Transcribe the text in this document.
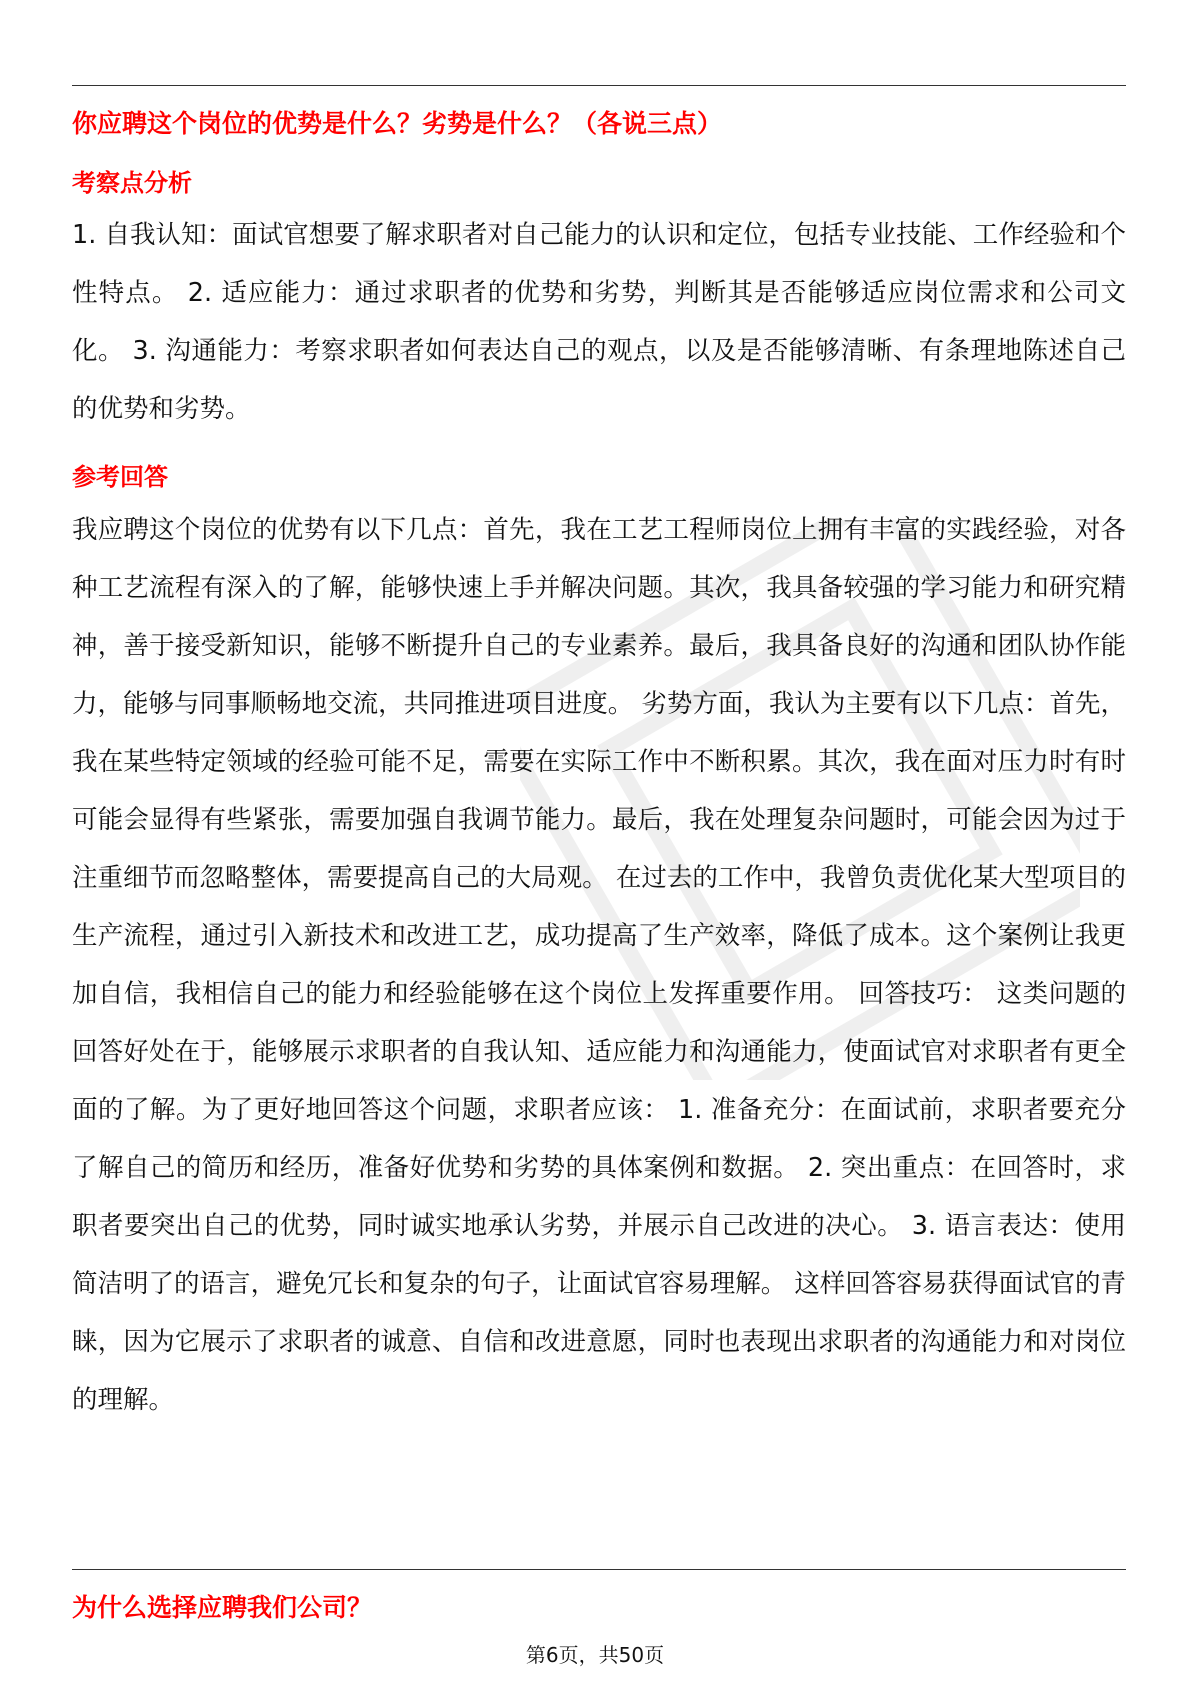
你应聘这个岗位的优势是什么？劣势是什么？（各说三点）
考察点分析
1. 自我认知：面试官想要了解求职者对自己能力的认识和定位，包括专业技能、工作经验和个性特点。 2. 适应能力：通过求职者的优势和劣势，判断其是否能够适应岗位需求和公司文化。 3. 沟通能力：考察求职者如何表达自己的观点，以及是否能够清晰、有条理地陈述自己的优势和劣势。
参考回答
我应聘这个岗位的优势有以下几点：首先，我在工艺工程师岗位上拥有丰富的实践经验，对各种工艺流程有深入的了解，能够快速上手并解决问题。其次，我具备较强的学习能力和研究精神，善于接受新知识，能够不断提升自己的专业素养。最后，我具备良好的沟通和团队协作能力，能够与同事顺畅地交流，共同推进项目进度。 劣势方面，我认为主要有以下几点：首先，我在某些特定领域的经验可能不足，需要在实际工作中不断积累。其次，我在面对压力时有时可能会显得有些紧张，需要加强自我调节能力。最后，我在处理复杂问题时，可能会因为过于注重细节而忽略整体，需要提高自己的大局观。 在过去的工作中，我曾负责优化某大型项目的生产流程，通过引入新技术和改进工艺，成功提高了生产效率，降低了成本。这个案例让我更加自信，我相信自己的能力和经验能够在这个岗位上发挥重要作用。 回答技巧： 这类问题的回答好处在于，能够展示求职者的自我认知、适应能力和沟通能力，使面试官对求职者有更全面的了解。为了更好地回答这个问题，求职者应该： 1. 准备充分：在面试前，求职者要充分了解自己的简历和经历，准备好优势和劣势的具体案例和数据。 2. 突出重点：在回答时，求职者要突出自己的优势，同时诚实地承认劣势，并展示自己改进的决心。 3. 语言表达：使用简洁明了的语言，避免冗长和复杂的句子，让面试官容易理解。 这样回答容易获得面试官的青睐，因为它展示了求职者的诚意、自信和改进意愿，同时也表现出求职者的沟通能力和对岗位的理解。
为什么选择应聘我们公司？
第6页，共50页
